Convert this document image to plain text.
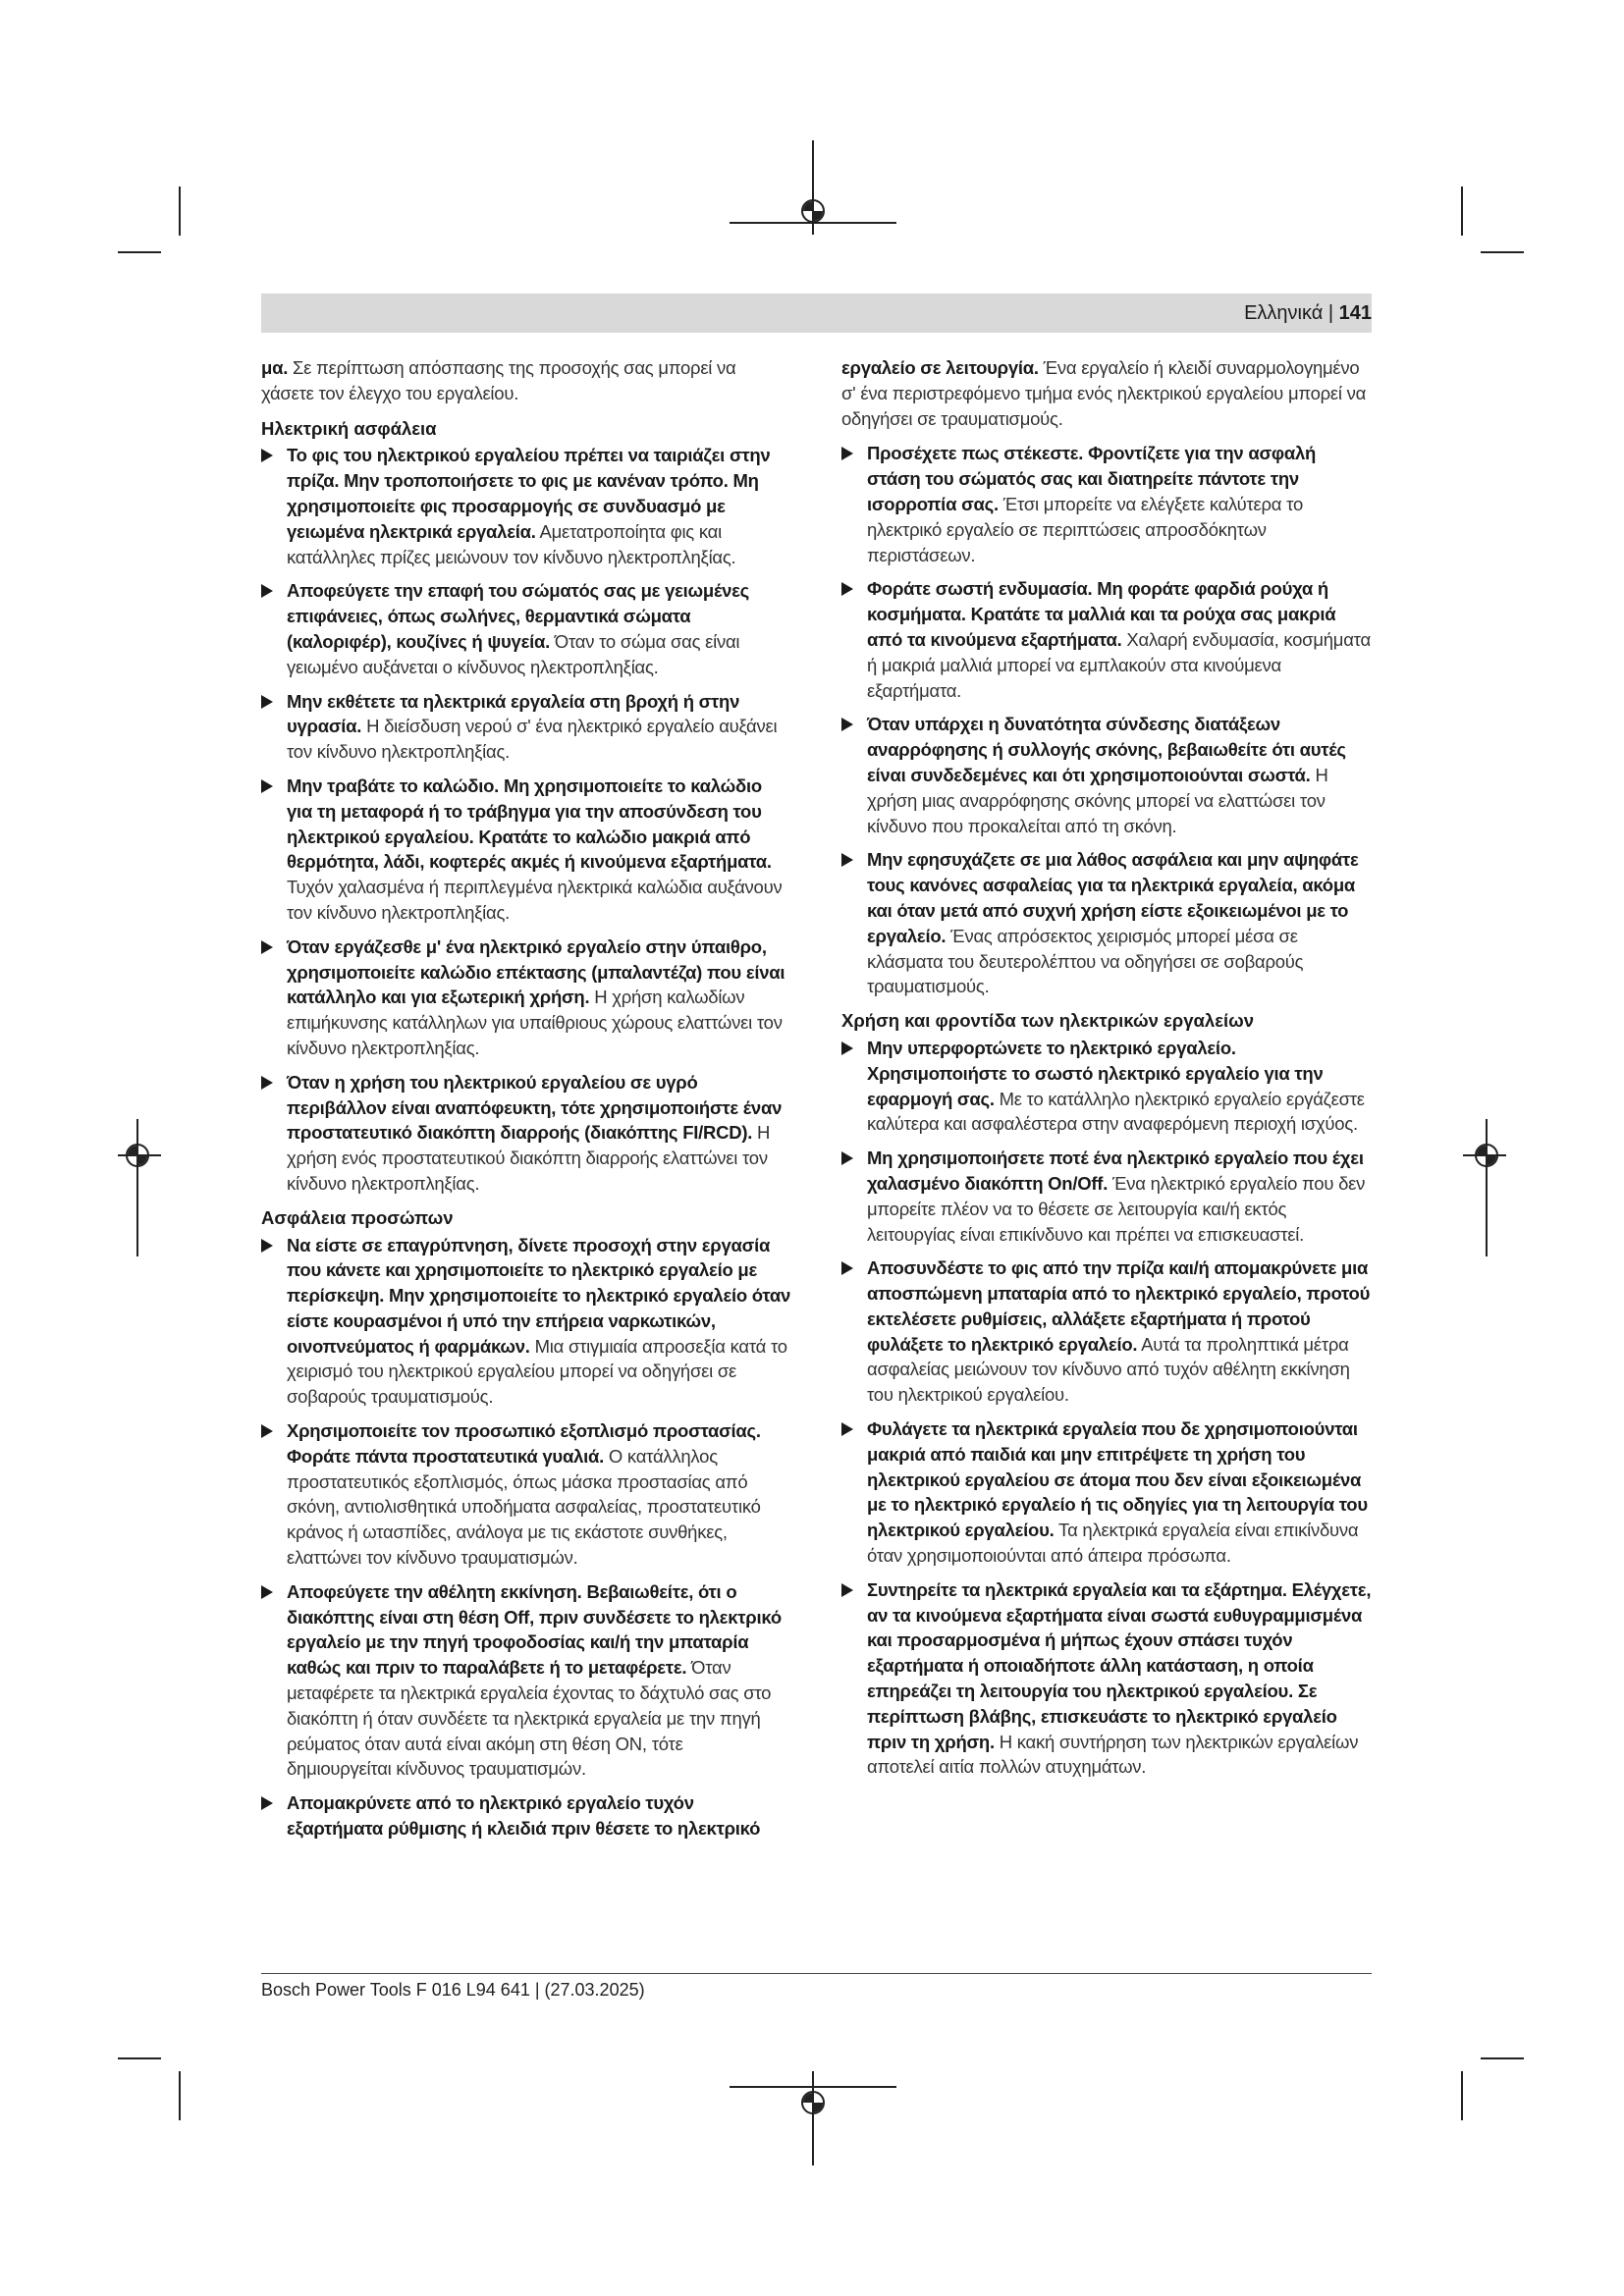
Ελληνικά | 141

μα. Σε περίπτωση απόσπασης της προσοχής σας μπορεί να χάσετε τον έλεγχο του εργαλείου.

Ηλεκτρική ασφάλεια
Το φις του ηλεκτρικού εργαλείου πρέπει να ταιριάζει στην πρίζα. Μην τροποποιήσετε το φις με κανέναν τρόπο. Μη χρησιμοποιείτε φις προσαρμογής σε συνδυασμό με γειωμένα ηλεκτρικά εργαλεία. Αμετατροποίητα φις και κατάλληλες πρίζες μειώνουν τον κίνδυνο ηλεκτροπληξίας.
Αποφεύγετε την επαφή του σώματός σας με γειωμένες επιφάνειες, όπως σωλήνες, θερμαντικά σώματα (καλοριφέρ), κουζίνες ή ψυγεία. Όταν το σώμα σας είναι γειωμένο αυξάνεται ο κίνδυνος ηλεκτροπληξίας.
Μην εκθέτετε τα ηλεκτρικά εργαλεία στη βροχή ή στην υγρασία. Η διείσδυση νερού σ' ένα ηλεκτρικό εργαλείο αυξάνει τον κίνδυνο ηλεκτροπληξίας.
Μην τραβάτε το καλώδιο. Μη χρησιμοποιείτε το καλώδιο για τη μεταφορά ή το τράβηγμα για την αποσύνδεση του ηλεκτρικού εργαλείου. Κρατάτε το καλώδιο μακριά από θερμότητα, λάδι, κοφτερές ακμές ή κινούμενα εξαρτήματα. Τυχόν χαλασμένα ή περιπλεγμένα ηλεκτρικά καλώδια αυξάνουν τον κίνδυνο ηλεκτροπληξίας.
Όταν εργάζεσθε μ' ένα ηλεκτρικό εργαλείο στην ύπαιθρο, χρησιμοποιείτε καλώδιο επέκτασης (μπαλαντέζα) που είναι κατάλληλο και για εξωτερική χρήση. Η χρήση καλωδίων επιμήκυνσης κατάλληλων για υπαίθριους χώρους ελαττώνει τον κίνδυνο ηλεκτροπληξίας.
Όταν η χρήση του ηλεκτρικού εργαλείου σε υγρό περιβάλλον είναι αναπόφευκτη, τότε χρησιμοποιήστε έναν προστατευτικό διακόπτη διαρροής (διακόπτης FI/RCD). Η χρήση ενός προστατευτικού διακόπτη διαρροής ελαττώνει τον κίνδυνο ηλεκτροπληξίας.
Ασφάλεια προσώπων
Να είστε σε επαγρύπνηση, δίνετε προσοχή στην εργασία που κάνετε και χρησιμοποιείτε το ηλεκτρικό εργαλείο με περίσκεψη. Μην χρησιμοποιείτε το ηλεκτρικό εργαλείο όταν είστε κουρασμένοι ή υπό την επήρεια ναρκωτικών, οινοπνεύματος ή φαρμάκων. Μια στιγμιαία απροσεξία κατά το χειρισμό του ηλεκτρικού εργαλείου μπορεί να οδηγήσει σε σοβαρούς τραυματισμούς.
Χρησιμοποιείτε τον προσωπικό εξοπλισμό προστασίας. Φοράτε πάντα προστατευτικά γυαλιά. Ο κατάλληλος προστατευτικός εξοπλισμός, όπως μάσκα προστασίας από σκόνη, αντιολισθητικά υποδήματα ασφαλείας, προστατευτικό κράνος ή ωτασπίδες, ανάλογα με τις εκάστοτε συνθήκες, ελαττώνει τον κίνδυνο τραυματισμών.
Αποφεύγετε την αθέλητη εκκίνηση. Βεβαιωθείτε, ότι ο διακόπτης είναι στη θέση Off, πριν συνδέσετε το ηλεκτρικό εργαλείο με την πηγή τροφοδοσίας και/ή την μπαταρία καθώς και πριν το παραλάβετε ή το μεταφέρετε. Όταν μεταφέρετε τα ηλεκτρικά εργαλεία έχοντας το δάχτυλό σας στο διακόπτη ή όταν συνδέετε τα ηλεκτρικά εργαλεία με την πηγή ρεύματος όταν αυτά είναι ακόμη στη θέση ON, τότε δημιουργείται κίνδυνος τραυματισμών.
Απομακρύνετε από το ηλεκτρικό εργαλείο τυχόν εξαρτήματα ρύθμισης ή κλειδιά πριν θέσετε το ηλεκτρικό

εργαλείο σε λειτουργία. Ένα εργαλείο ή κλειδί συναρμολογημένο σ' ένα περιστρεφόμενο τμήμα ενός ηλεκτρικού εργαλείου μπορεί να οδηγήσει σε τραυματισμούς.

Προσέχετε πως στέκεστε. Φροντίζετε για την ασφαλή στάση του σώματός σας και διατηρείτε πάντοτε την ισορροπία σας. Έτσι μπορείτε να ελέγξετε καλύτερα το ηλεκτρικό εργαλείο σε περιπτώσεις απροσδόκητων περιστάσεων.
Φοράτε σωστή ενδυμασία. Μη φοράτε φαρδιά ρούχα ή κοσμήματα. Κρατάτε τα μαλλιά και τα ρούχα σας μακριά από τα κινούμενα εξαρτήματα. Χαλαρή ενδυμασία, κοσμήματα ή μακριά μαλλιά μπορεί να εμπλακούν στα κινούμενα εξαρτήματα.
Όταν υπάρχει η δυνατότητα σύνδεσης διατάξεων αναρρόφησης ή συλλογής σκόνης, βεβαιωθείτε ότι αυτές είναι συνδεδεμένες και ότι χρησιμοποιούνται σωστά. Η χρήση μιας αναρρόφησης σκόνης μπορεί να ελαττώσει τον κίνδυνο που προκαλείται από τη σκόνη.
Μην εφησυχάζετε σε μια λάθος ασφάλεια και μην αψηφάτε τους κανόνες ασφαλείας για τα ηλεκτρικά εργαλεία, ακόμα και όταν μετά από συχνή χρήση είστε εξοικειωμένοι με το εργαλείο. Ένας απρόσεκτος χειρισμός μπορεί μέσα σε κλάσματα του δευτερολέπτου να οδηγήσει σε σοβαρούς τραυματισμούς.
Χρήση και φροντίδα των ηλεκτρικών εργαλείων
Μην υπερφορτώνετε το ηλεκτρικό εργαλείο. Χρησιμοποιήστε το σωστό ηλεκτρικό εργαλείο για την εφαρμογή σας. Με το κατάλληλο ηλεκτρικό εργαλείο εργάζεστε καλύτερα και ασφαλέστερα στην αναφερόμενη περιοχή ισχύος.
Μη χρησιμοποιήσετε ποτέ ένα ηλεκτρικό εργαλείο που έχει χαλασμένο διακόπτη On/Off. Ένα ηλεκτρικό εργαλείο που δεν μπορείτε πλέον να το θέσετε σε λειτουργία και/ή εκτός λειτουργίας είναι επικίνδυνο και πρέπει να επισκευαστεί.
Αποσυνδέστε το φις από την πρίζα και/ή απομακρύνετε μια αποσπώμενη μπαταρία από το ηλεκτρικό εργαλείο, προτού εκτελέσετε ρυθμίσεις, αλλάξετε εξαρτήματα ή προτού φυλάξετε το ηλεκτρικό εργαλείο. Αυτά τα προληπτικά μέτρα ασφαλείας μειώνουν τον κίνδυνο από τυχόν αθέλητη εκκίνηση του ηλεκτρικού εργαλείου.
Φυλάγετε τα ηλεκτρικά εργαλεία που δε χρησιμοποιούνται μακριά από παιδιά και μην επιτρέψετε τη χρήση του ηλεκτρικού εργαλείου σε άτομα που δεν είναι εξοικειωμένα με το ηλεκτρικό εργαλείο ή τις οδηγίες για τη λειτουργία του ηλεκτρικού εργαλείου. Τα ηλεκτρικά εργαλεία είναι επικίνδυνα όταν χρησιμοποιούνται από άπειρα πρόσωπα.
Συντηρείτε τα ηλεκτρικά εργαλεία και τα εξάρτημα. Ελέγχετε, αν τα κινούμενα εξαρτήματα είναι σωστά ευθυγραμμισμένα και προσαρμοσμένα ή μήπως έχουν σπάσει τυχόν εξαρτήματα ή οποιαδήποτε άλλη κατάσταση, η οποία επηρεάζει τη λειτουργία του ηλεκτρικού εργαλείου. Σε περίπτωση βλάβης, επισκευάστε το ηλεκτρικό εργαλείο πριν τη χρήση. Η κακή συντήρηση των ηλεκτρικών εργαλείων αποτελεί αιτία πολλών ατυχημάτων.
Bosch Power Tools F 016 L94 641 | (27.03.2025)
